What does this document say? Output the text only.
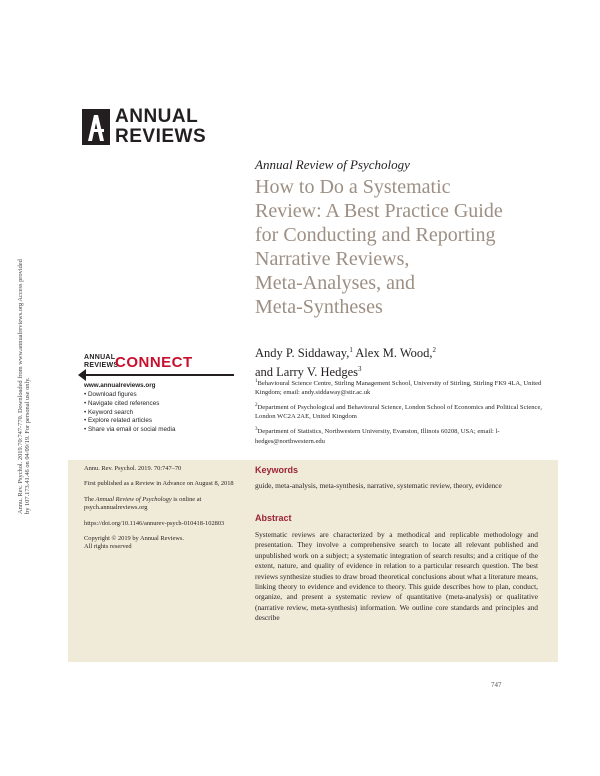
Annu. Rev. Psychol. 2019.70:747-770. Downloaded from www.annualreviews.org Access provided by 107.173.41.46 on 04/09/19. For personal use only.
ANNUAL
REVIEWS
Annual Review of Psychology
How to Do a Systematic
Review: A Best Practice Guide
for Conducting and Reporting
Narrative Reviews,
Meta-Analyses, and
Meta-Syntheses
Andy P. Siddaway,$^1$ Alex M. Wood,$^2$
and Larry V. Hedges$^3$
$^1$Behavioural Science Centre, Stirling Management School, University of Stirling, Stirling FK9 4LA, United Kingdom; email: andy.siddaway@stir.ac.uk
$^2$Department of Psychological and Behavioural Science, London School of Economics and Political Science, London WC2A 2AE, United Kingdom
$^3$Department of Statistics, Northwestern University, Evanston, Illinois 60208, USA; email: l-hedges@northwestern.edu
ANNUAL
REVIEWS
CONNECT
www.annualreviews.org
• Download figures
• Navigate cited references
• Keyword search
• Explore related articles
• Share via email or social media

Annu. Rev. Psychol. 2019. 70:747–70

First published as a Review in Advance on August 8, 2018

The Annual Review of Psychology is online at psych.annualreviews.org

https://doi.org/10.1146/annurev-psych-010418-102803

Copyright © 2019 by Annual Reviews.
All rights reserved

Keywords
guide, meta-analysis, meta-synthesis, narrative, systematic review, theory, evidence
Abstract
Systematic reviews are characterized by a methodical and replicable methodology and presentation. They involve a comprehensive search to locate all relevant published and unpublished work on a subject; a systematic integration of search results; and a critique of the extent, nature, and quality of evidence in relation to a particular research question. The best reviews synthesize studies to draw broad theoretical conclusions about what a literature means, linking theory to evidence and evidence to theory. This guide describes how to plan, conduct, organize, and present a systematic review of quantitative (meta-analysis) or qualitative (narrative review, meta-synthesis) information. We outline core standards and principles and describe
747
